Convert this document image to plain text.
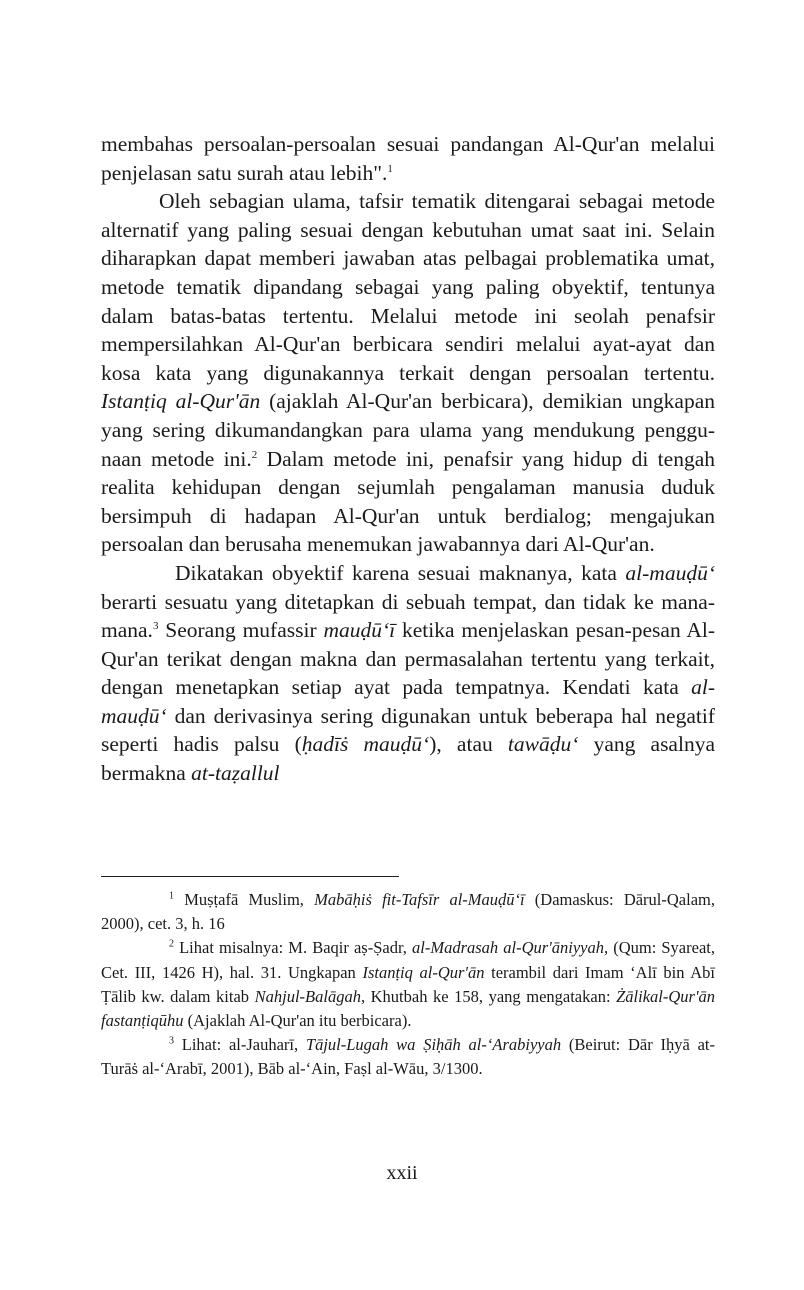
membahas persoalan-persoalan sesuai pandangan Al-Qur'an melalui penjelasan satu surah atau lebih".$^1$

Oleh sebagian ulama, tafsir tematik ditengarai sebagai metode alternatif yang paling sesuai dengan kebutuhan umat saat ini. Selain diharapkan dapat memberi jawaban atas pelbagai problematika umat, metode tematik dipandang sebagai yang paling obyektif, tentunya dalam batas-batas tertentu. Melalui metode ini seolah penafsir mempersilahkan Al-Qur'an berbicara sendiri melalui ayat-ayat dan kosa kata yang digunakannya terkait dengan persoalan tertentu. Istanṭiq al-Qur'ān (ajaklah Al-Qur'an berbicara), demikian ungkapan yang sering dikumandangkan para ulama yang mendukung penggunaan metode ini.$^2$ Dalam metode ini, penafsir yang hidup di tengah realita kehidupan dengan sejumlah pengalaman manusia duduk bersimpuh di hadapan Al-Qur'an untuk berdialog; mengajukan persoalan dan berusaha menemukan jawabannya dari Al-Qur'an.

Dikatakan obyektif karena sesuai maknanya, kata al-mauḍū‘ berarti sesuatu yang ditetapkan di sebuah tempat, dan tidak ke mana-mana.$^3$ Seorang mufassir mauḍū‘ī ketika menjelaskan pesan-pesan Al-Qur'an terikat dengan makna dan permasalahan tertentu yang terkait, dengan menetapkan setiap ayat pada tempatnya. Kendati kata al-mauḍū‘ dan derivasinya sering digunakan untuk beberapa hal negatif seperti hadis palsu (ḥadīṡ mauḍū‘), atau tawāḍu‘ yang asalnya bermakna at-taẓallul

$^1$ Muṣṭafā Muslim, Mabāḥiṡ fit-Tafsīr al-Mauḍū‘ī (Damaskus: Dārul-Qalam, 2000), cet. 3, h. 16

$^2$ Lihat misalnya: M. Baqir aṣ-Ṣadr, al-Madrasah al-Qur'āniyyah, (Qum: Syareat, Cet. III, 1426 H), hal. 31. Ungkapan Istanṭiq al-Qur'ān terambil dari Imam ‘Alī bin Abī Ṭālib kw. dalam kitab Nahjul-Balāgah, Khutbah ke 158, yang mengatakan: Żālikal-Qur'ān fastanṭiqūhu (Ajaklah Al-Qur'an itu berbicara).

$^3$ Lihat: al-Jauharī, Tājul-Lugah wa Ṣiḥāh al-‘Arabiyyah (Beirut: Dār Iḥyā at-Turāṡ al-‘Arabī, 2001), Bāb al-‘Ain, Faṣl al-Wāu, 3/1300.

xxii
